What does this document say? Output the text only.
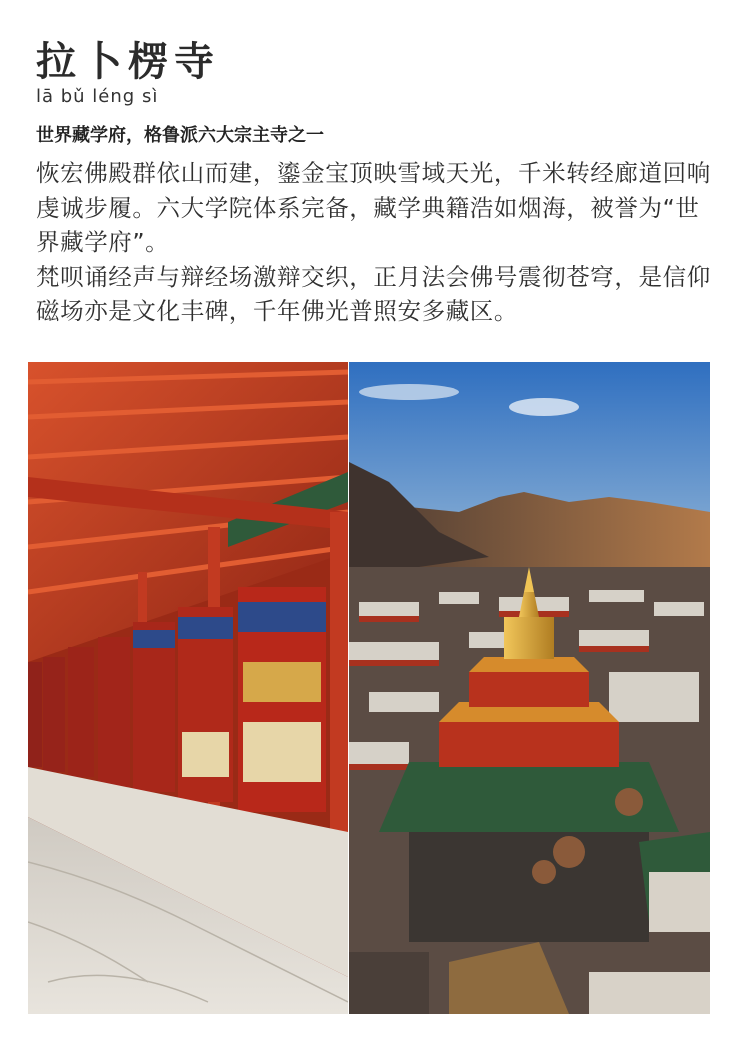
拉卜楞寺
lā bǔ léng sì
世界藏学府，格鲁派六大宗主寺之一

恢宏佛殿群依山而建，鎏金宝顶映雪域天光，千米转经廊道回响虔诚步履。六大学院体系完备，藏学典籍浩如烟海，被誉为“世界藏学府”。

梵呗诵经声与辩经场激辩交织，正月法会佛号震彻苍穹，是信仰磁场亦是文化丰碑，千年佛光普照安多藏区。
